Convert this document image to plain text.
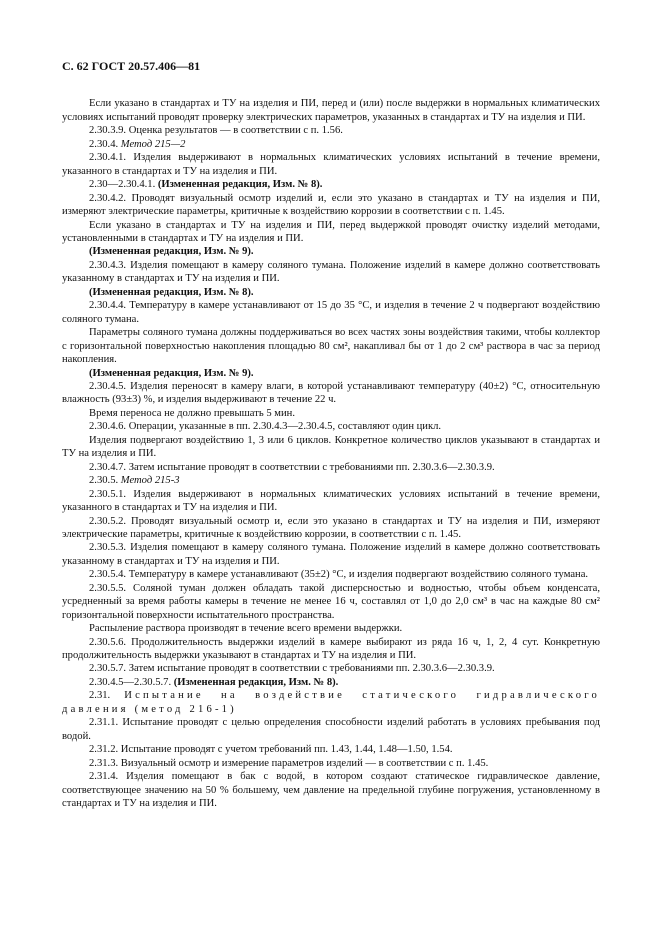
С. 62 ГОСТ 20.57.406—81

Если указано в стандартах и ТУ на изделия и ПИ, перед и (или) после выдержки в нормальных климатических условиях испытаний проводят проверку электрических параметров, указанных в стандартах и ТУ на изделия и ПИ.

2.30.3.9. Оценка результатов — в соответствии с п. 1.56.

2.30.4. Метод 215—2

2.30.4.1. Изделия выдерживают в нормальных климатических условиях испытаний в течение времени, указанного в стандартах и ТУ на изделия и ПИ.

2.30—2.30.4.1. (Измененная редакция, Изм. № 8).

2.30.4.2. Проводят визуальный осмотр изделий и, если это указано в стандартах и ТУ на изделия и ПИ, измеряют электрические параметры, критичные к воздействию коррозии в соответствии с п. 1.45.

Если указано в стандартах и ТУ на изделия и ПИ, перед выдержкой проводят очистку изделий методами, установленными в стандартах и ТУ на изделия и ПИ.

(Измененная редакция, Изм. № 9).

2.30.4.3. Изделия помещают в камеру соляного тумана. Положение изделий в камере должно соответствовать указанному в стандартах и ТУ на изделия и ПИ.

(Измененная редакция, Изм. № 8).

2.30.4.4. Температуру в камере устанавливают от 15 до 35 °С, и изделия в течение 2 ч подвергают воздействию соляного тумана.

Параметры соляного тумана должны поддерживаться во всех частях зоны воздействия такими, чтобы коллектор с горизонтальной поверхностью накопления площадью 80 см², накапливал бы от 1 до 2 см³ раствора в час за период накопления.

(Измененная редакция, Изм. № 9).

2.30.4.5. Изделия переносят в камеру влаги, в которой устанавливают температуру (40±2) °С, относительную влажность (93±3) %, и изделия выдерживают в течение 22 ч.

Время переноса не должно превышать 5 мин.

2.30.4.6. Операции, указанные в пп. 2.30.4.3—2.30.4.5, составляют один цикл.

Изделия подвергают воздействию 1, 3 или 6 циклов. Конкретное количество циклов указывают в стандартах и ТУ на изделия и ПИ.

2.30.4.7. Затем испытание проводят в соответствии с требованиями пп. 2.30.3.6—2.30.3.9.

2.30.5. Метод 215-3

2.30.5.1. Изделия выдерживают в нормальных климатических условиях испытаний в течение времени, указанного в стандартах и ТУ на изделия и ПИ.

2.30.5.2. Проводят визуальный осмотр и, если это указано в стандартах и ТУ на изделия и ПИ, измеряют электрические параметры, критичные к воздействию коррозии, в соответствии с п. 1.45.

2.30.5.3. Изделия помещают в камеру соляного тумана. Положение изделий в камере должно соответствовать указанному в стандартах и ТУ на изделия и ПИ.

2.30.5.4. Температуру в камере устанавливают (35±2) °С, и изделия подвергают воздействию соляного тумана.

2.30.5.5. Соляной туман должен обладать такой дисперсностью и водностью, чтобы объем конденсата, усредненный за время работы камеры в течение не менее 16 ч, составлял от 1,0 до 2,0 см³ в час на каждые 80 см² горизонтальной поверхности испытательного пространства.

Распыление раствора производят в течение всего времени выдержки.

2.30.5.6. Продолжительность выдержки изделий в камере выбирают из ряда 16 ч, 1, 2, 4 сут. Конкретную продолжительность выдержки указывают в стандартах и ТУ на изделия и ПИ.

2.30.5.7. Затем испытание проводят в соответствии с требованиями пп. 2.30.3.6—2.30.3.9.

2.30.4.5—2.30.5.7. (Измененная редакция, Изм. № 8).

2.31. Испытание на воздействие статического гидравлического давления (метод 216-1)

2.31.1. Испытание проводят с целью определения способности изделий работать в условиях пребывания под водой.

2.31.2. Испытание проводят с учетом требований пп. 1.43, 1.44, 1.48—1.50, 1.54.

2.31.3. Визуальный осмотр и измерение параметров изделий — в соответствии с п. 1.45.

2.31.4. Изделия помещают в бак с водой, в котором создают статическое гидравлическое давление, соответствующее значению на 50 % большему, чем давление на предельной глубине погружения, установленному в стандартах и ТУ на изделия и ПИ.
